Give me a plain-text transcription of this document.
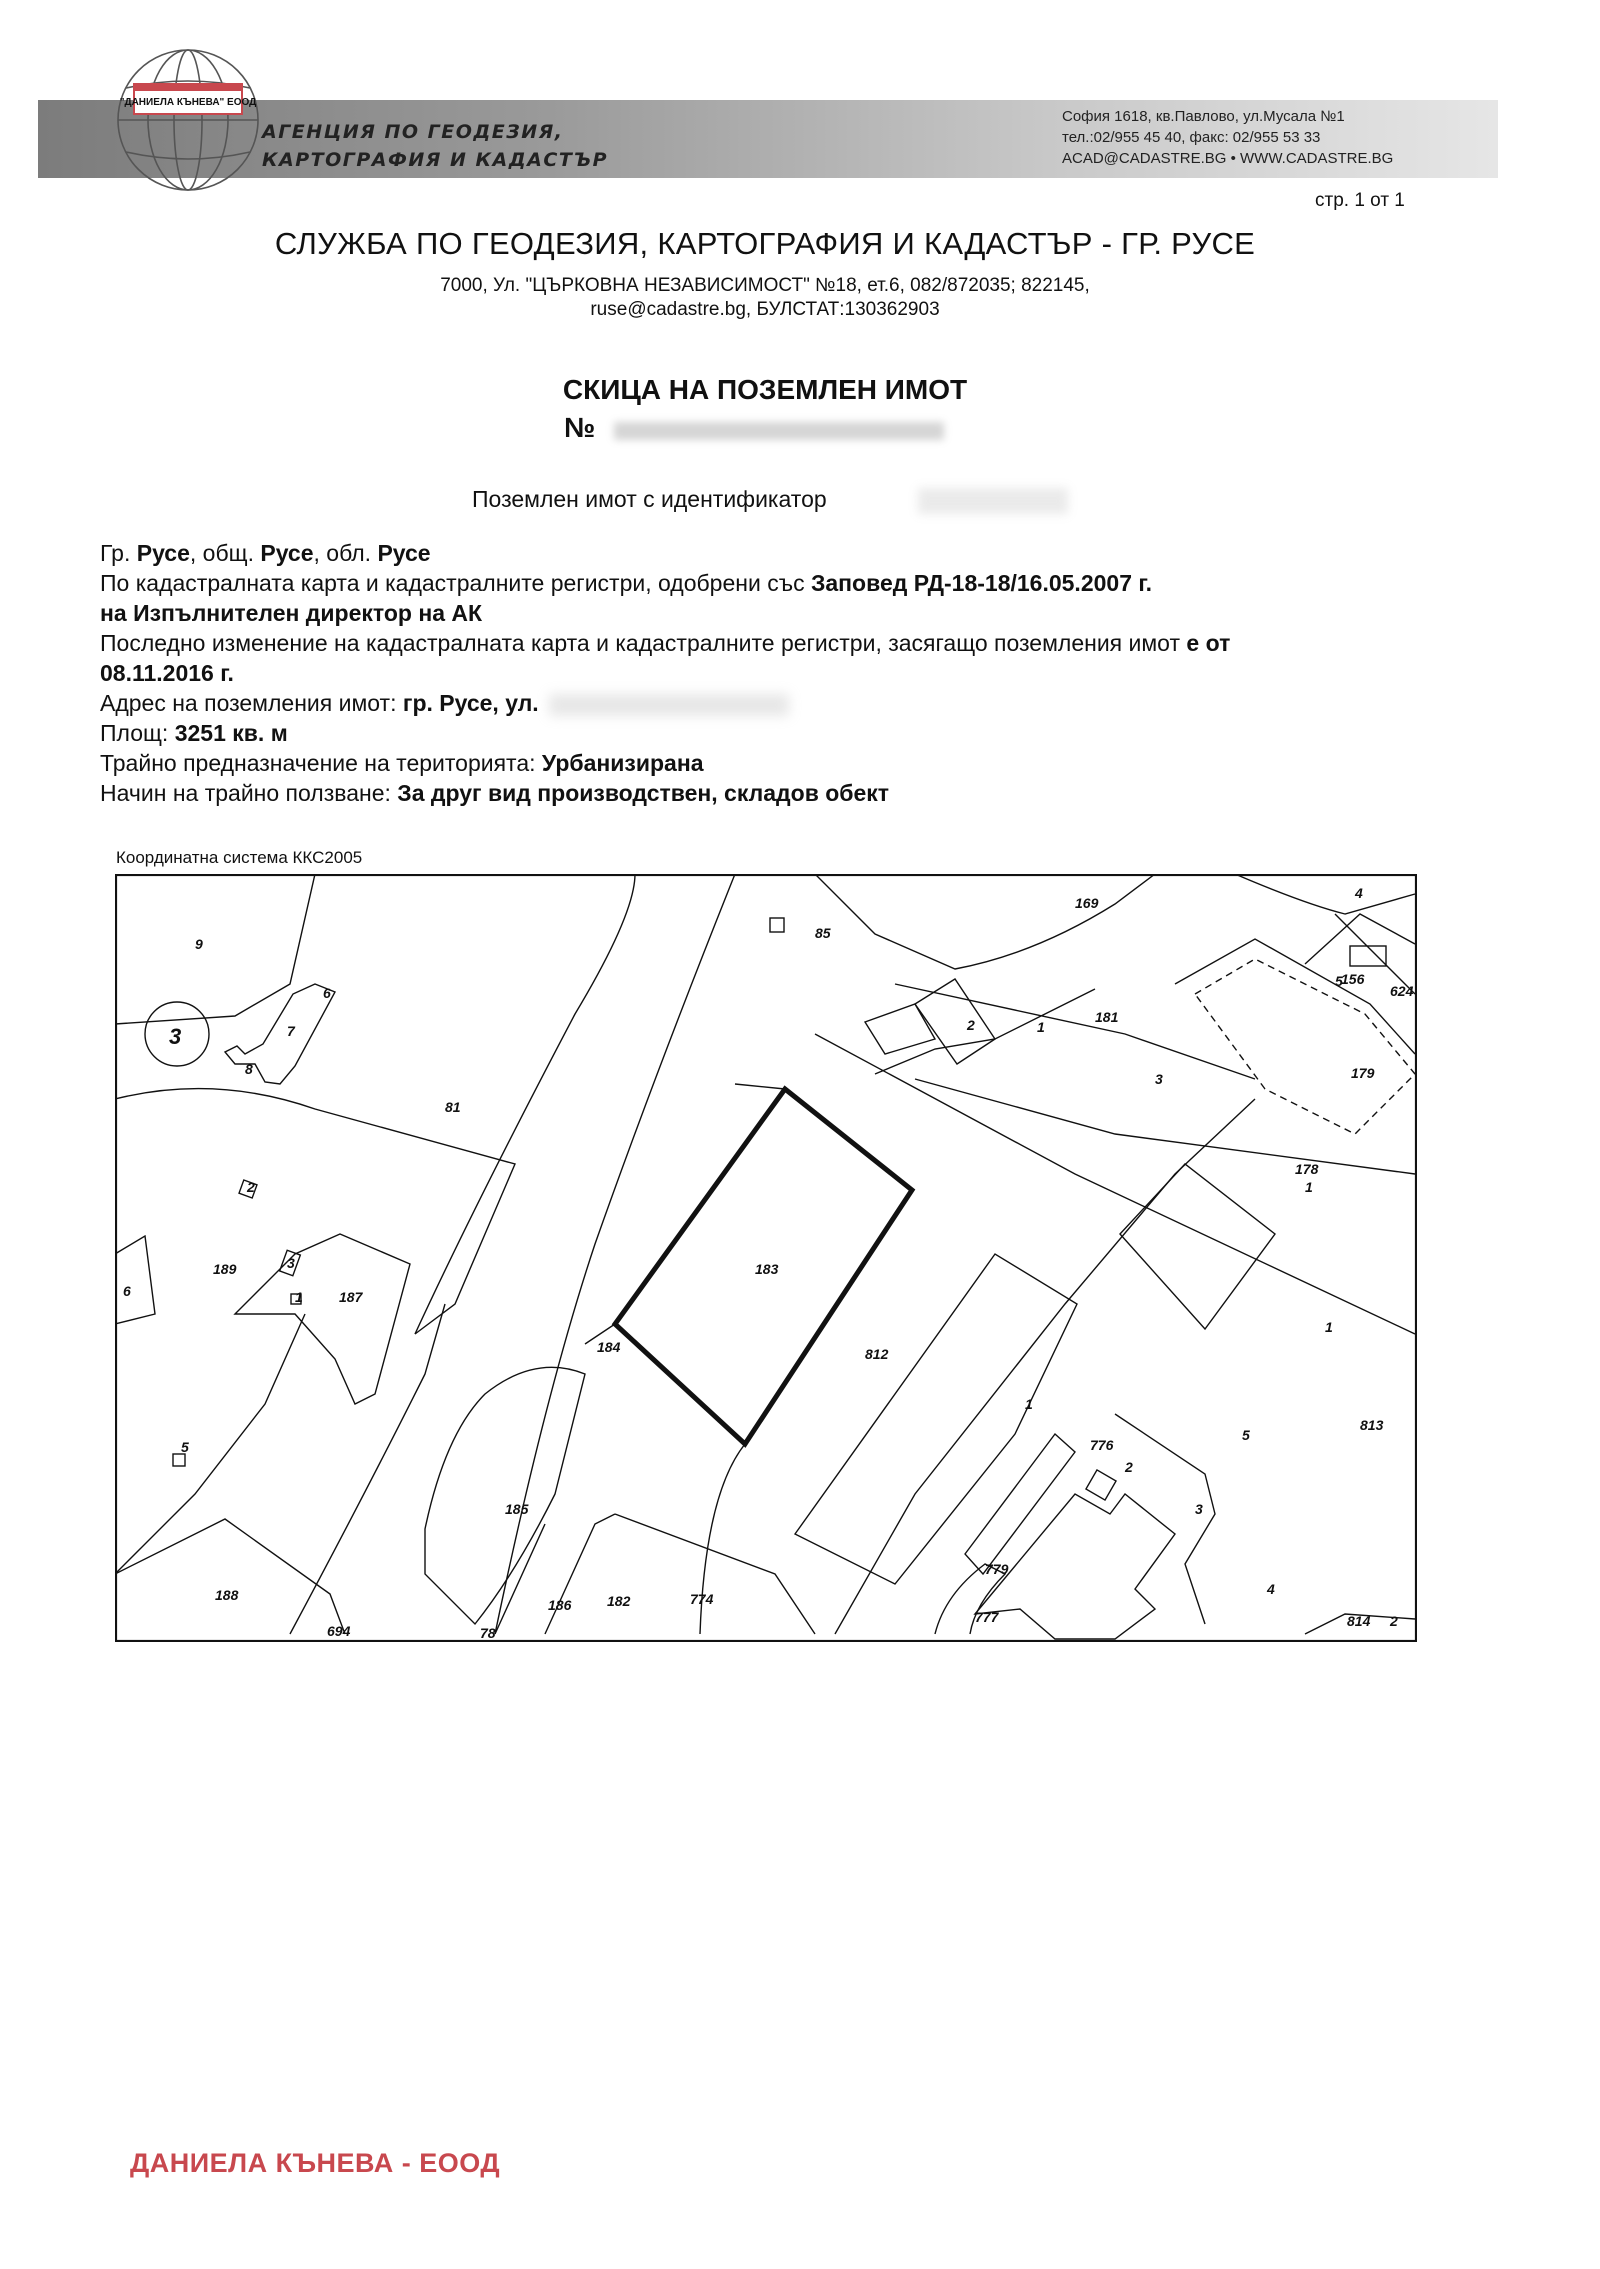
"ДАНИЕЛА КЪНЕВА" ЕООД
АГЕНЦИЯ ПО ГЕОДЕЗИЯ,
КАРТОГРАФИЯ И КАДАСТЪР
София 1618, кв.Павлово, ул.Мусала №1
тел.:02/955 45 40, факс: 02/955 53 33
ACAD@CADASTRE.BG • WWW.CADASTRE.BG
стр. 1 от 1
СЛУЖБА ПО ГЕОДЕЗИЯ, КАРТОГРАФИЯ И КАДАСТЪР - ГР. РУСЕ
7000, Ул. "ЦЪРКОВНА НЕЗАВИСИМОСТ" №18, ет.6, 082/872035; 822145,
ruse@cadastre.bg, БУЛСТАТ:130362903
СКИЦА НА ПОЗЕМЛЕН ИМОТ
№
Поземлен имот с идентификатор
Гр. Русе, общ. Русе, обл. Русе
По кадастралната карта и кадастралните регистри, одобрени със Заповед РД-18-18/16.05.2007 г.
на Изпълнителен директор на АК
Последно изменение на кадастралната карта и кадастралните регистри, засягащо поземления имот е от
08.11.2016 г.
Адрес на поземления имот: гр. Русе, ул.
Площ: 3251 кв. м
Трайно предназначение на територията: Урбанизирана
Начин на трайно ползване: За друг вид производствен, складов обект
Координатна система ККС2005
9
81
85
169
4
181
1
2
3
156
624
179
178
1
183
184	812
1
1
776
2
3
5
4
813
779
777	814 2
189
187
6
3
1
2
5
185
186	182	774
188
694	78
3
6
7
8
5
ДАНИЕЛА КЪНЕВА - ЕООД
